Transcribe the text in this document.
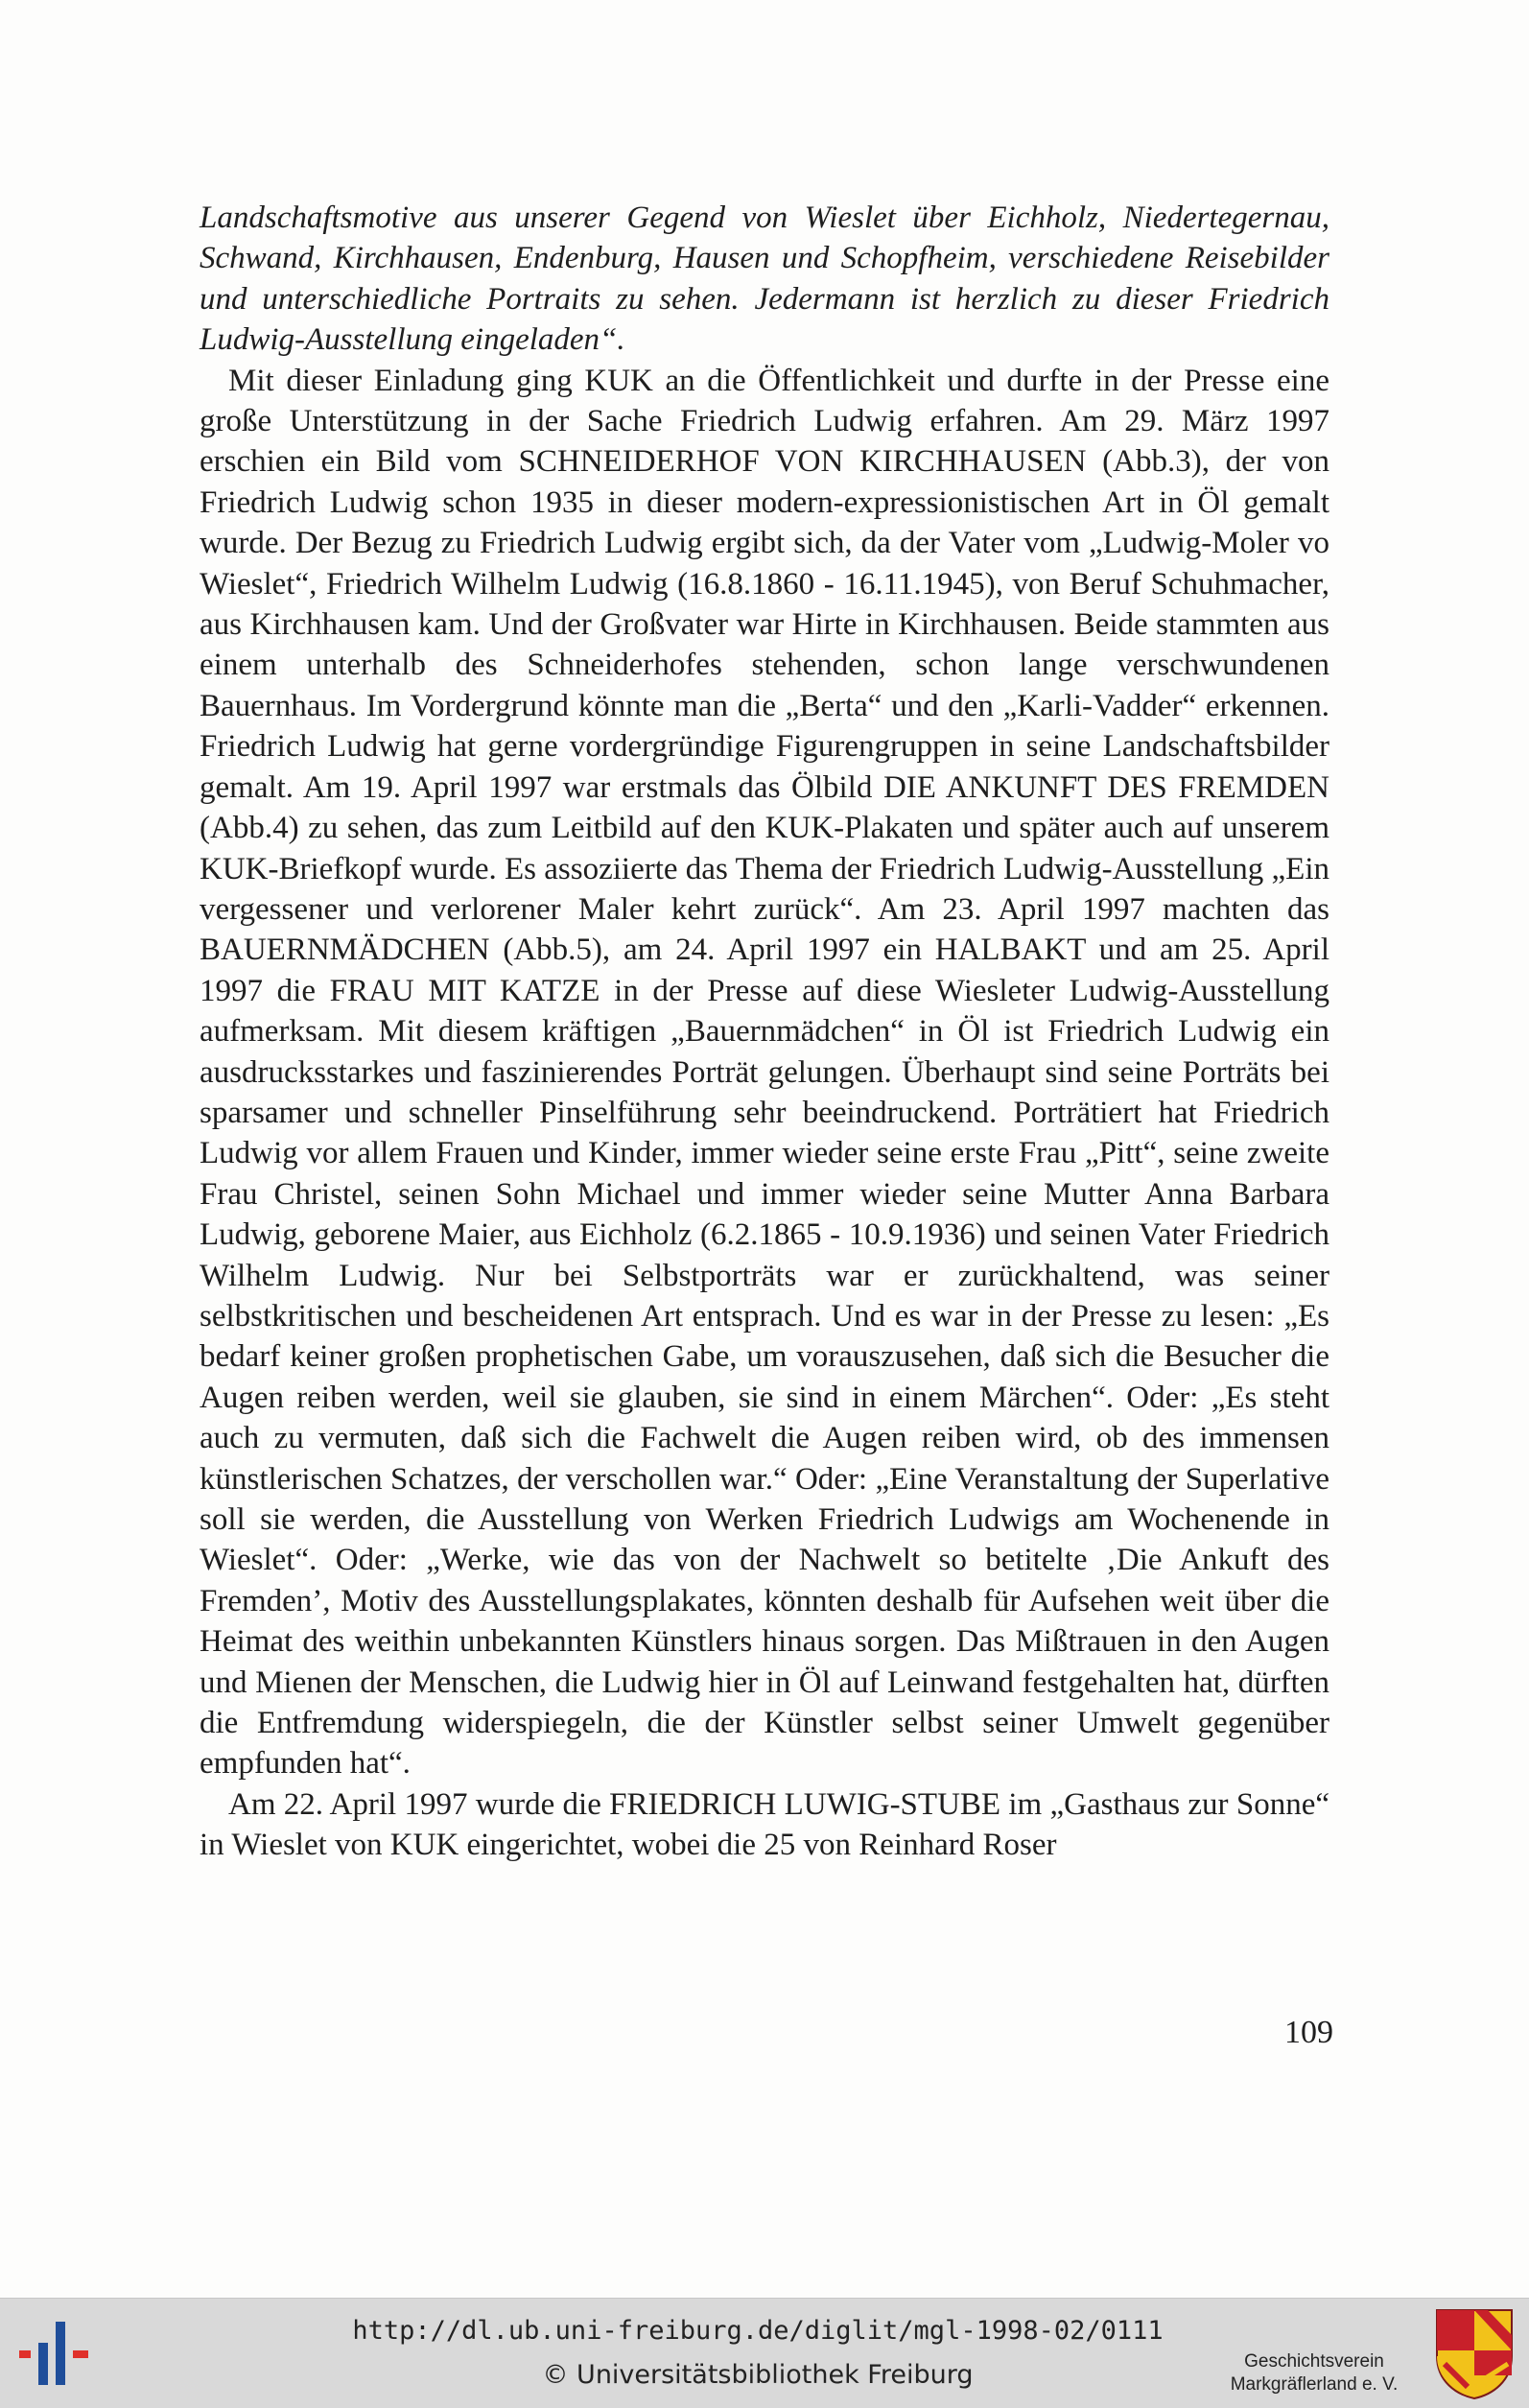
Landschaftsmotive aus unserer Gegend von Wieslet über Eichholz, Niedertegernau, Schwand, Kirchhausen, Endenburg, Hausen und Schopfheim, verschiedene Reisebilder und unterschiedliche Portraits zu sehen. Jedermann ist herzlich zu dieser Friedrich Ludwig-Ausstellung eingeladen“.

Mit dieser Einladung ging KUK an die Öffentlichkeit und durfte in der Presse eine große Unterstützung in der Sache Friedrich Ludwig erfahren. Am 29. März 1997 erschien ein Bild vom SCHNEIDERHOF VON KIRCHHAUSEN (Abb.3), der von Friedrich Ludwig schon 1935 in dieser modern-expressionistischen Art in Öl gemalt wurde. Der Bezug zu Friedrich Ludwig ergibt sich, da der Vater vom „Ludwig-Moler vo Wieslet“, Friedrich Wilhelm Ludwig (16.8.1860 - 16.11.1945), von Beruf Schuhmacher, aus Kirchhausen kam. Und der Großvater war Hirte in Kirchhausen. Beide stammten aus einem unterhalb des Schneiderhofes stehenden, schon lange verschwundenen Bauernhaus. Im Vordergrund könnte man die „Berta“ und den „Karli-Vadder“ erkennen. Friedrich Ludwig hat gerne vordergründige Figurengruppen in seine Landschaftsbilder gemalt. Am 19. April 1997 war erstmals das Ölbild DIE ANKUNFT DES FREMDEN (Abb.4) zu sehen, das zum Leitbild auf den KUK-Plakaten und später auch auf unserem KUK-Briefkopf wurde. Es assoziierte das Thema der Friedrich Ludwig-Ausstellung „Ein vergessener und verlorener Maler kehrt zurück“. Am 23. April 1997 machten das BAUERNMÄDCHEN (Abb.5), am 24. April 1997 ein HALBAKT und am 25. April 1997 die FRAU MIT KATZE in der Presse auf diese Wiesleter Ludwig-Ausstellung aufmerksam. Mit diesem kräftigen „Bauernmädchen“ in Öl ist Friedrich Ludwig ein ausdrucksstarkes und faszinierendes Porträt gelungen. Überhaupt sind seine Porträts bei sparsamer und schneller Pinselführung sehr beeindruckend. Porträtiert hat Friedrich Ludwig vor allem Frauen und Kinder, immer wieder seine erste Frau „Pitt“, seine zweite Frau Christel, seinen Sohn Michael und immer wieder seine Mutter Anna Barbara Ludwig, geborene Maier, aus Eichholz (6.2.1865 - 10.9.1936) und seinen Vater Friedrich Wilhelm Ludwig. Nur bei Selbstporträts war er zurückhaltend, was seiner selbstkritischen und bescheidenen Art entsprach. Und es war in der Presse zu lesen: „Es bedarf keiner großen prophetischen Gabe, um vorauszusehen, daß sich die Besucher die Augen reiben werden, weil sie glauben, sie sind in einem Märchen“. Oder: „Es steht auch zu vermuten, daß sich die Fachwelt die Augen reiben wird, ob des immensen künstlerischen Schatzes, der verschollen war.“ Oder: „Eine Veranstaltung der Superlative soll sie werden, die Ausstellung von Werken Friedrich Ludwigs am Wochenende in Wieslet“. Oder: „Werke, wie das von der Nachwelt so betitelte ‚Die Ankuft des Fremden’, Motiv des Ausstellungsplakates, könnten deshalb für Aufsehen weit über die Heimat des weithin unbekannten Künstlers hinaus sorgen. Das Mißtrauen in den Augen und Mienen der Menschen, die Ludwig hier in Öl auf Leinwand festgehalten hat, dürften die Entfremdung widerspiegeln, die der Künstler selbst seiner Umwelt gegenüber empfunden hat“.

Am 22. April 1997 wurde die FRIEDRICH LUWIG-STUBE im „Gasthaus zur Sonne“ in Wieslet von KUK eingerichtet, wobei die 25 von Reinhard Roser

109
http://dl.ub.uni-freiburg.de/diglit/mgl-1998-02/0111
© Universitätsbibliothek Freiburg	Geschichtsverein
Markgräflerland e. V.
